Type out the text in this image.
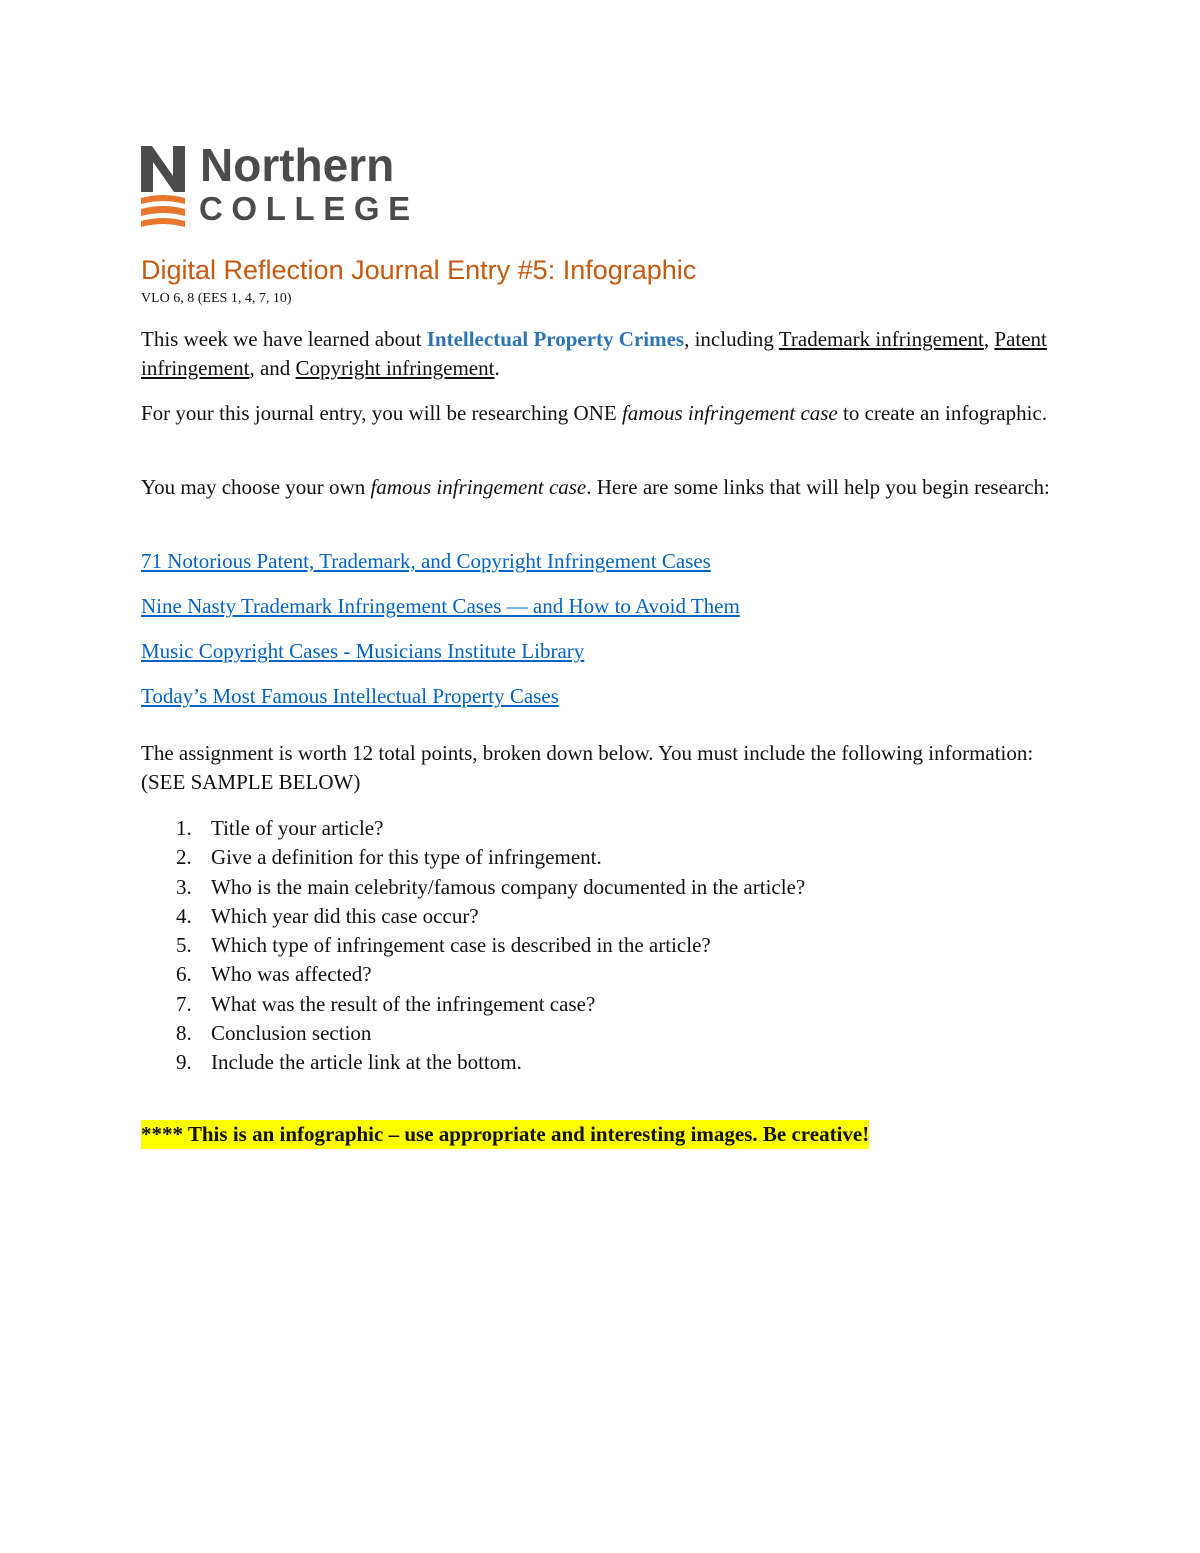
Northern
COLLEGE
Digital Reflection Journal Entry #5: Infographic
VLO 6, 8 (EES 1, 4, 7, 10)
This week we have learned about Intellectual Property Crimes, including Trademark infringement, Patent infringement, and Copyright infringement.
For your this journal entry, you will be researching ONE famous infringement case to create an infographic.
You may choose your own famous infringement case. Here are some links that will help you begin research:
71 Notorious Patent, Trademark, and Copyright Infringement Cases
Nine Nasty Trademark Infringement Cases — and How to Avoid Them
Music Copyright Cases - Musicians Institute Library
Today’s Most Famous Intellectual Property Cases
The assignment is worth 12 total points, broken down below. You must include the following information: (SEE SAMPLE BELOW)
1. Title of your article?
2. Give a definition for this type of infringement.
3. Who is the main celebrity/famous company documented in the article?
4. Which year did this case occur?
5. Which type of infringement case is described in the article?
6. Who was affected?
7. What was the result of the infringement case?
8. Conclusion section
9. Include the article link at the bottom.
**** This is an infographic – use appropriate and interesting images. Be creative!
